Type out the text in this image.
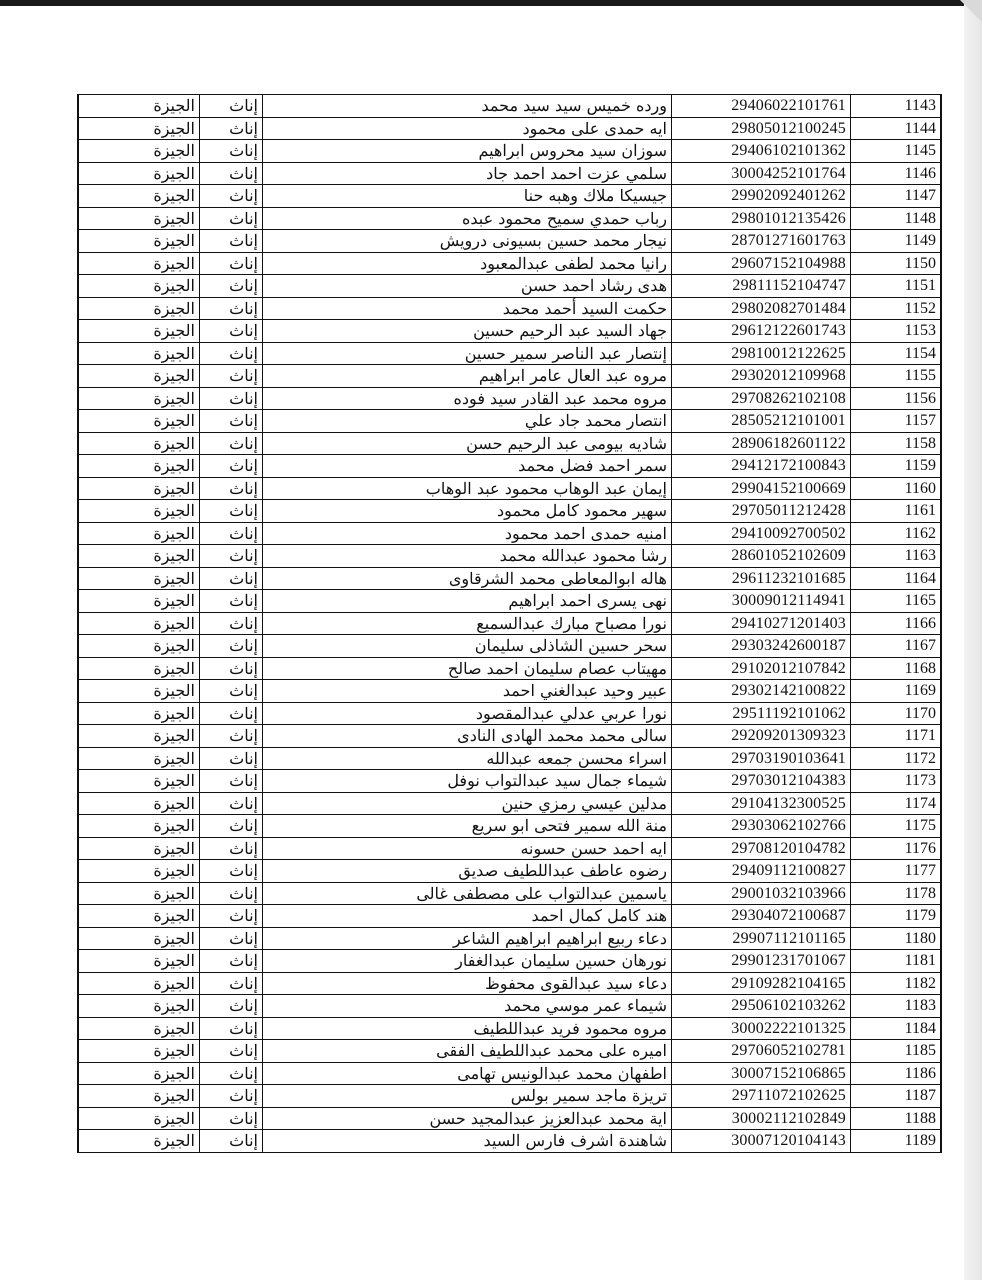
الجيزة	إناث	ورده خميس سيد سيد محمد	29406022101761	1143
الجيزة	إناث	ايه حمدى على محمود	29805012100245	1144
الجيزة	إناث	سوزان سيد محروس ابراهيم	29406102101362	1145
الجيزة	إناث	سلمي عزت احمد احمد جاد	30004252101764	1146
الجيزة	إناث	جيسيكا ملاك وهبه حنا	29902092401262	1147
الجيزة	إناث	رباب حمدي سميح محمود عبده	29801012135426	1148
الجيزة	إناث	نيجار محمد حسين بسيونى درويش	28701271601763	1149
الجيزة	إناث	رانيا محمد لطفى عبدالمعبود	29607152104988	1150
الجيزة	إناث	هدى رشاد احمد حسن	29811152104747	1151
الجيزة	إناث	حكمت السيد أحمد محمد	29802082701484	1152
الجيزة	إناث	جهاد السيد عبد الرحيم حسين	29612122601743	1153
الجيزة	إناث	إنتصار عبد الناصر سمير حسين	29810012122625	1154
الجيزة	إناث	مروه عبد العال عامر ابراهيم	29302012109968	1155
الجيزة	إناث	مروه محمد عبد القادر سيد فوده	29708262102108	1156
الجيزة	إناث	انتصار محمد جاد علي	28505212101001	1157
الجيزة	إناث	شاديه بيومى عبد الرحيم حسن	28906182601122	1158
الجيزة	إناث	سمر احمد فضل محمد	29412172100843	1159
الجيزة	إناث	إيمان عبد الوهاب محمود عبد الوهاب	29904152100669	1160
الجيزة	إناث	سهير محمود كامل محمود	29705011212428	1161
الجيزة	إناث	امنيه حمدى احمد محمود	29410092700502	1162
الجيزة	إناث	رشا محمود عبدالله محمد	28601052102609	1163
الجيزة	إناث	هاله ابوالمعاطى محمد الشرقاوى	29611232101685	1164
الجيزة	إناث	نهى يسرى احمد ابراهيم	30009012114941	1165
الجيزة	إناث	نورا مصباح مبارك عبدالسميع	29410271201403	1166
الجيزة	إناث	سحر حسين الشاذلى سليمان	29303242600187	1167
الجيزة	إناث	مهيتاب عصام سليمان احمد صالح	29102012107842	1168
الجيزة	إناث	عبير وحيد عبدالغني احمد	29302142100822	1169
الجيزة	إناث	نورا عربي عدلي عبدالمقصود	29511192101062	1170
الجيزة	إناث	سالى محمد محمد الهادى النادى	29209201309323	1171
الجيزة	إناث	اسراء محسن جمعه عبدالله	29703190103641	1172
الجيزة	إناث	شيماء جمال سيد عبدالتواب نوفل	29703012104383	1173
الجيزة	إناث	مدلين عيسي رمزي حنين	29104132300525	1174
الجيزة	إناث	منة الله سمير فتحى ابو سريع	29303062102766	1175
الجيزة	إناث	ايه احمد حسن حسونه	29708120104782	1176
الجيزة	إناث	رضوه عاطف عبداللطيف صديق	29409112100827	1177
الجيزة	إناث	ياسمين عبدالتواب على مصطفى غالى	29001032103966	1178
الجيزة	إناث	هند كامل كمال احمد	29304072100687	1179
الجيزة	إناث	دعاء ربيع ابراهيم ابراهيم الشاعر	29907112101165	1180
الجيزة	إناث	نورهان حسين سليمان عبدالغفار	29901231701067	1181
الجيزة	إناث	دعاء سيد عبدالقوى محفوظ	29109282104165	1182
الجيزة	إناث	شيماء عمر موسي محمد	29506102103262	1183
الجيزة	إناث	مروه محمود فريد عبداللطيف	30002222101325	1184
الجيزة	إناث	اميره على محمد عبداللطيف الفقى	29706052102781	1185
الجيزة	إناث	اطفهان محمد عبدالونيس تهامى	30007152106865	1186
الجيزة	إناث	تريزة ماجد سمير بولس	29711072102625	1187
الجيزة	إناث	اية محمد عبدالعزيز عبدالمجيد حسن	30002112102849	1188
الجيزة	إناث	شاهندة اشرف فارس السيد	30007120104143	1189
